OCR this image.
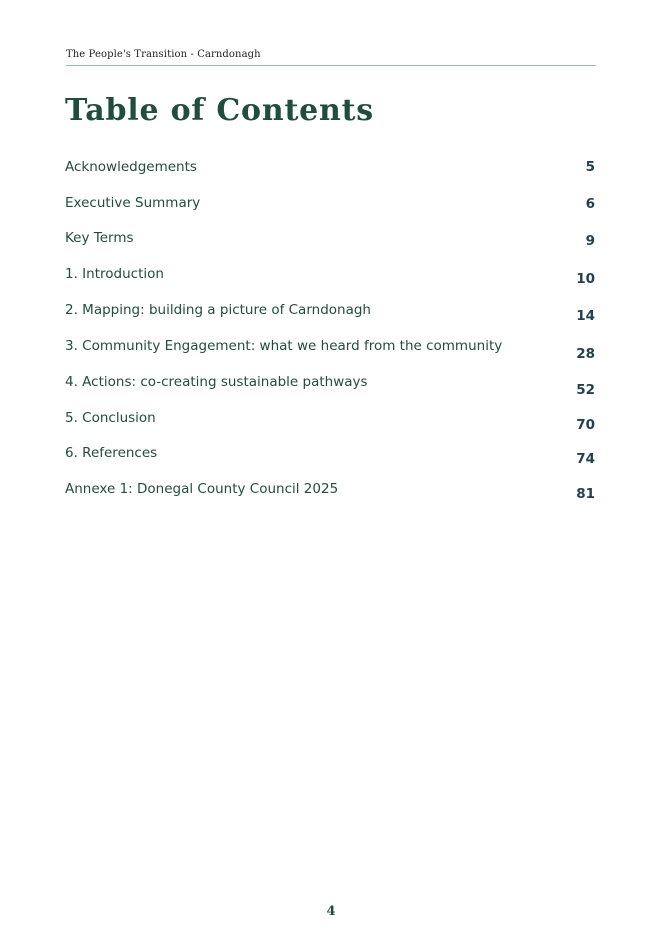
The People's Transition - Carndonagh
Table of Contents
Acknowledgements	5
Executive Summary	6
Key Terms	9
1. Introduction	10
2. Mapping: building a picture of Carndonagh	14
3. Community Engagement: what we heard from the community	28
4. Actions: co-creating sustainable pathways	52
5. Conclusion	70
6. References	74
Annexe 1: Donegal County Council 2025	81
4
